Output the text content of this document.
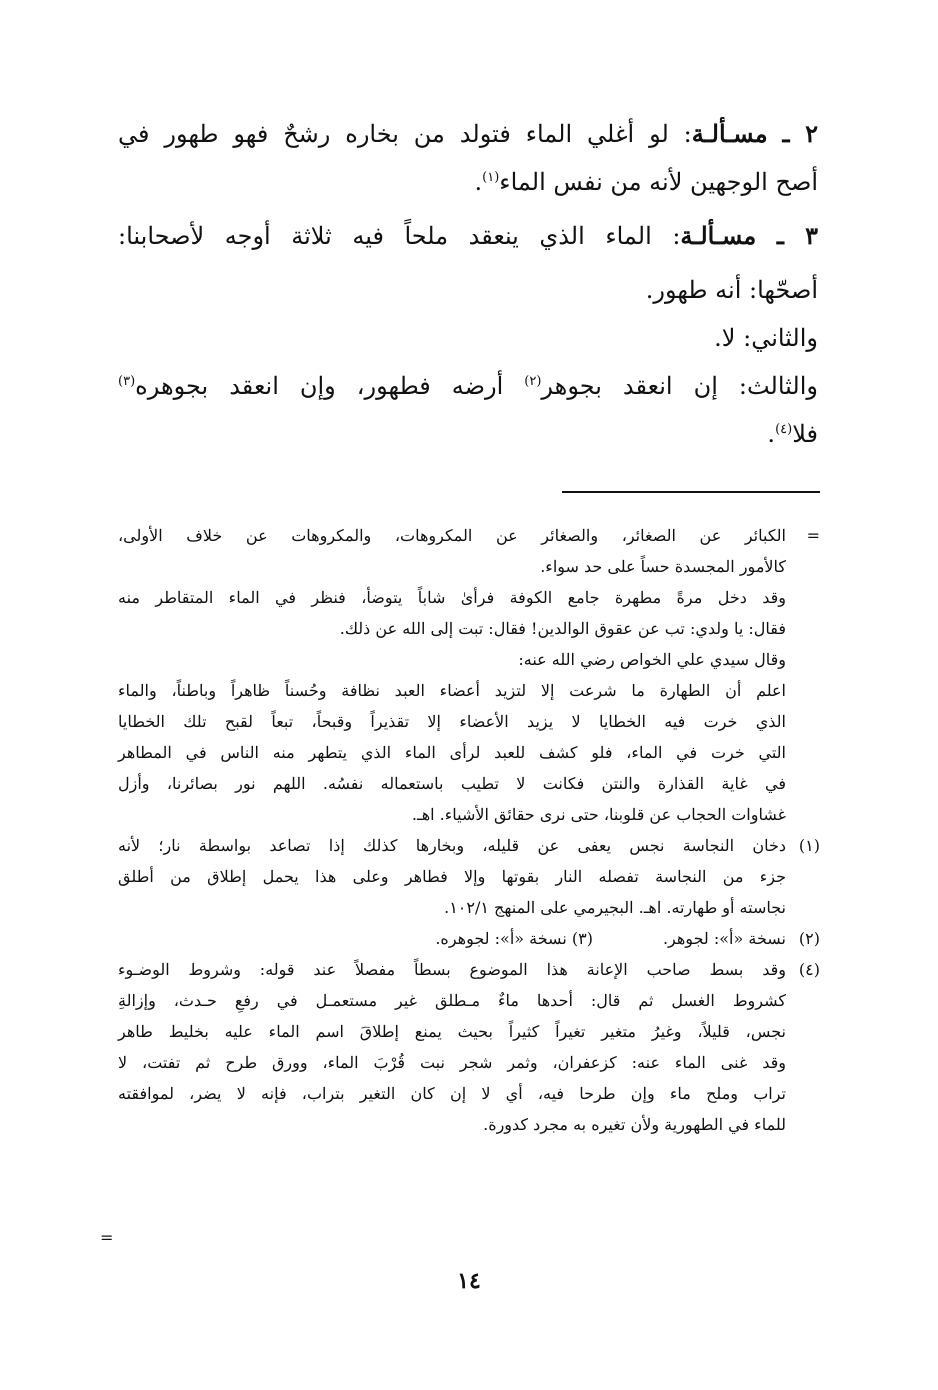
٢ ـ مسـألـة: لو أغلي الماء فتولد من بخاره رشحٌ فهو طهور في
أصح الوجهين لأنه من نفس الماء$^{(١)}$.
٣ ـ مسـألـة: الماء الذي ينعقد ملحاً فيه ثلاثة أوجه لأصحابنا:
أصحّها: أنه طهور.
والثاني: لا.
والثالث: إن انعقد بجوهر$^{(٢)}$ أرضه فطهور، وإن انعقد بجوهره$^{(٣)}$
فلا$^{(٤)}$.
=
الكبائر عن الصغائر، والصغائر عن المكروهات، والمكروهات عن خلاف الأولى،
كالأمور المجسدة حساً على حد سواء.
وقد دخل مرةً مطهرة جامع الكوفة فرأىٰ شاباً يتوضأ، فنظر في الماء المتقاطر منه
فقال: يا ولدي: تب عن عقوق الوالدين! فقال: تبت إلى الله عن ذلك.
وقال سيدي علي الخواص رضي الله عنه:
اعلم أن الطهارة ما شرعت إلا لتزيد أعضاء العبد نظافة وحُسناً ظاهراً وباطناً، والماء
الذي خرت فيه الخطايا لا يزيد الأعضاء إلا تقذيراً وقبحاً، تبعاً لقبح تلك الخطايا
التي خرت في الماء، فلو كشف للعبد لرأى الماء الذي يتطهر منه الناس في المطاهر
في غاية القذارة والنتن فكانت لا تطيب باستعماله نفسُه. اللهم نور بصائرنا، وأزل
غشاوات الحجاب عن قلوبنا، حتى نرى حقائق الأشياء. اهـ.
(١)
دخان النجاسة نجس يعفى عن قليله، وبخارها كذلك إذا تصاعد بواسطة نار؛ لأنه
جزء من النجاسة تفصله النار بقوتها وإلا فطاهر وعلى هذا يحمل إطلاق من أطلق
نجاسته أو طهارته. اهـ. البجيرمي على المنهج ١٠٢/١.
(٢)
نسخة «أ»: لجوهر.
(٣) نسخة «أ»: لجوهره.
(٤)
وقد بسط صاحب الإعانة هذا الموضوع بسطاً مفصلاً عند قوله: وشروط الوضـوء
كشروط الغسل ثم قال: أحدها ماءٌ مـطلق غير مستعمـل في رفعِ حـدث، وإزالةِ
نجس، قليلاً، وغيرُ متغير تغيراً كثيراً بحيث يمنع إطلاقَ اسم الماء عليه بخليط طاهر
وقد غنى الماء عنه: كزعفران، وثمر شجر نبت قُرْبَ الماء، وورق طرح ثم تفتت، لا
تراب وملح ماء وإن طرحا فيه، أي لا إن كان التغير بتراب، فإنه لا يضر، لموافقته
للماء في الطهورية ولأن تغيره به مجرد كدورة.
=
١٤
